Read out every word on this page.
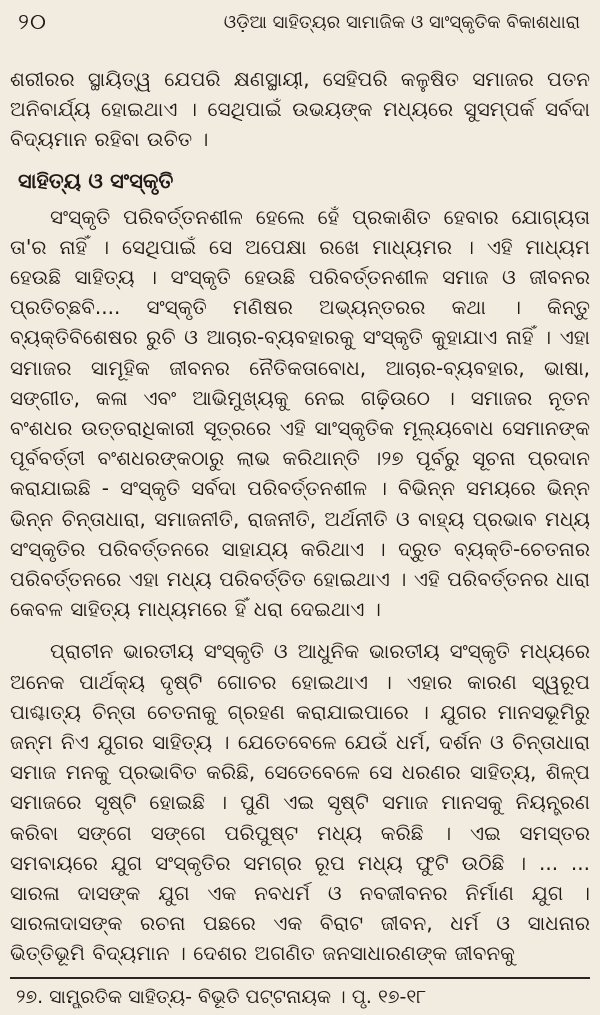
୨୦	ଓଡ଼ିଆ ସାହିତ୍ୟର ସାମାଜିକ ଓ ସାଂସ୍କୃତିକ ବିକାଶଧାରା

ଶରୀରର ସ୍ଥାୟିତ୍ୱ ଯେପରି କ୍ଷଣସ୍ଥାୟୀ, ସେହିପରି କଳୁଷିତ ସମାଜର ପତନ ଅନିବାର୍ଯ୍ୟ ହୋଇଥାଏ । ସେଥିପାଇଁ ଉଭୟଙ୍କ ମଧ୍ୟରେ ସୁସମ୍ପର୍କ ସର୍ବଦା ବିଦ୍ୟମାନ ରହିବା ଉଚିତ ।

ସାହିତ୍ୟ ଓ ସଂସ୍କୃତି

ସଂସ୍କୃତି ପରିବର୍ତ୍ତନଶୀଳ ହେଲେ ହେଁ ପ୍ରକାଶିତ ହେବାର ଯୋଗ୍ୟତା ତା'ର ନାହିଁ । ସେଥିପାଇଁ ସେ ଅପେକ୍ଷା ରଖେ ମାଧ୍ୟମର । ଏହି ମାଧ୍ୟମ ହେଉଛି ସାହିତ୍ୟ । ସଂସ୍କୃତି ହେଉଛି ପରିବର୍ତ୍ତନଶୀଳ ସମାଜ ଓ ଜୀବନର ପ୍ରତିଚ୍ଛବି.... ସଂସ୍କୃତି ମଣିଷର ଅଭ୍ୟନ୍ତରର କଥା । କିନ୍ତୁ ବ୍ୟକ୍ତିବିଶେଷର ରୁଚି ଓ ଆଚାର-ବ୍ୟବହାରକୁ ସଂସ୍କୃତି କୁହାଯାଏ ନାହିଁ । ଏହା ସମାଜର ସାମୂହିକ ଜୀବନର ନୈତିକତାବୋଧ, ଆଚାର-ବ୍ୟବହାର, ଭାଷା, ସଙ୍ଗୀତ, କଳା ଏବଂ ଆଭିମୁଖ୍ୟକୁ ନେଇ ଗଢ଼ିଉଠେ । ସମାଜର ନୂତନ ବଂଶଧର ଉତ୍ତରାଧିକାରୀ ସୂତ୍ରରେ ଏହି ସାଂସ୍କୃତିକ ମୂଲ୍ୟବୋଧ ସେମାନଙ୍କ ପୂର୍ବବର୍ତ୍ତୀ ବଂଶଧରଙ୍କଠାରୁ ଲାଭ କରିଥାନ୍ତି ।୨୭ ପୂର୍ବରୁ ସୂଚନା ପ୍ରଦାନ କରାଯାଇଛି - ସଂସ୍କୃତି ସର୍ବଦା ପରିବର୍ତ୍ତନଶୀଳ । ବିଭିନ୍ନ ସମୟରେ ଭିନ୍ନ ଭିନ୍ନ ଚିନ୍ତାଧାରା, ସମାଜନୀତି, ରାଜନୀତି, ଅର୍ଥନୀତି ଓ ବାହ୍ୟ ପ୍ରଭାବ ମଧ୍ୟ ସଂସ୍କୃତିର ପରିବର୍ତ୍ତନରେ ସାହାଯ୍ୟ କରିଥାଏ । ଦ୍ରୁତ ବ୍ୟକ୍ତି-ଚେତନାର ପରିବର୍ତ୍ତନରେ ଏହା ମଧ୍ୟ ପରିବର୍ତ୍ତିତ ହୋଇଥାଏ । ଏହି ପରିବର୍ତ୍ତନର ଧାରା କେବଳ ସାହିତ୍ୟ ମାଧ୍ୟମରେ ହିଁ ଧରା ଦେଇଥାଏ ।

ପ୍ରାଚୀନ ଭାରତୀୟ ସଂସ୍କୃତି ଓ ଆଧୁନିକ ଭାରତୀୟ ସଂସ୍କୃତି ମଧ୍ୟରେ ଅନେକ ପାର୍ଥକ୍ୟ ଦୃଷ୍ଟି ଗୋଚର ହୋଇଥାଏ । ଏହାର କାରଣ ସ୍ୱରୂପ ପାଶ୍ଚାତ୍ୟ ଚିନ୍ତା ଚେତନାକୁ ଗ୍ରହଣ କରାଯାଇପାରେ । ଯୁଗର ମାନସଭୂମିରୁ ଜନ୍ମ ନିଏ ଯୁଗର ସାହିତ୍ୟ । ଯେତେବେଳେ ଯେଉଁ ଧର୍ମ, ଦର୍ଶନ ଓ ଚିନ୍ତାଧାରା ସମାଜ ମନକୁ ପ୍ରଭାବିତ କରିଛି, ସେତେବେଳେ ସେ ଧରଣର ସାହିତ୍ୟ, ଶିଳ୍ପ ସମାଜରେ ସୃଷ୍ଟି ହୋଇଛି । ପୁଣି ଏଇ ସୃଷ୍ଟି ସମାଜ ମାନସକୁ ନିୟନ୍ତ୍ରଣ କରିବା ସଙ୍ଗେ ସଙ୍ଗେ ପରିପୁଷ୍ଟ ମଧ୍ୟ କରିଛି । ଏଇ ସମସ୍ତର ସମବାୟରେ ଯୁଗ ସଂସ୍କୃତିର ସମଗ୍ର ରୂପ ମଧ୍ୟ ଫୁଟି ଉଠିଛି । ... ... ସାରଳା ଦାସଙ୍କ ଯୁଗ ଏକ ନବଧର୍ମ ଓ ନବଜୀବନର ନିର୍ମାଣ ଯୁଗ । ସାରଳାଦାସଙ୍କ ରଚନା ପଛରେ ଏକ ବିରାଟ ଜୀବନ, ଧର୍ମ ଓ ସାଧନାର ଭିତ୍ତିଭୂମି ବିଦ୍ୟମାନ । ଦେଶର ଅଗଣିତ ଜନସାଧାରଣଙ୍କ ଜୀବନକୁ

୨୭. ସାମ୍ପ୍ରତିକ ସାହିତ୍ୟ- ବିଭୂତି ପଟ୍ଟନାୟକ । ପୃ. ୧୭-୧୮
